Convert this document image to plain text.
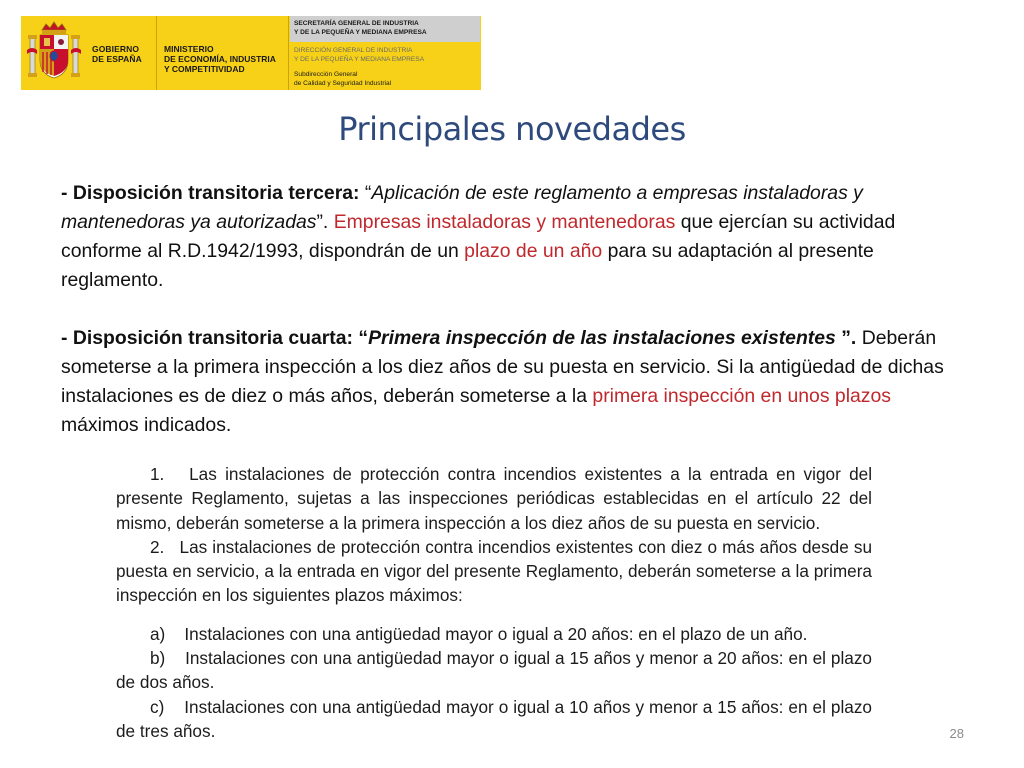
GOBIERNO
DE ESPAÑA
MINISTERIO
DE ECONOMÍA, INDUSTRIA
Y COMPETITIVIDAD
SECRETARÍA GENERAL DE INDUSTRIA
Y DE LA PEQUEÑA Y MEDIANA EMPRESA
DIRECCIÓN GENERAL DE INDUSTRIA
Y DE LA PEQUEÑA Y MEDIANA EMPRESA
Subdirección General
de Calidad y Seguridad Industrial
Principales novedades

- Disposición transitoria tercera: “Aplicación de este reglamento a empresas instaladoras y mantenedoras ya autorizadas”. Empresas instaladoras y mantenedoras que ejercían su actividad conforme al R.D.1942/1993, dispondrán de un plazo de un año para su adaptación al presente reglamento.

- Disposición transitoria cuarta: “Primera inspección de las instalaciones existentes ”. Deberán someterse a la primera inspección a los diez años de su puesta en servicio. Si la antigüedad de dichas instalaciones es de diez o más años, deberán someterse a la primera inspección en unos plazos máximos indicados.

1. Las instalaciones de protección contra incendios existentes a la entrada en vigor del presente Reglamento, sujetas a las inspecciones periódicas establecidas en el artículo 22 del mismo, deberán someterse a la primera inspección a los diez años de su puesta en servicio.

2. Las instalaciones de protección contra incendios existentes con diez o más años desde su puesta en servicio, a la entrada en vigor del presente Reglamento, deberán someterse a la primera inspección en los siguientes plazos máximos:

a) Instalaciones con una antigüedad mayor o igual a 20 años: en el plazo de un año.

b) Instalaciones con una antigüedad mayor o igual a 15 años y menor a 20 años: en el plazo de dos años.

c) Instalaciones con una antigüedad mayor o igual a 10 años y menor a 15 años: en el plazo de tres años.	28
